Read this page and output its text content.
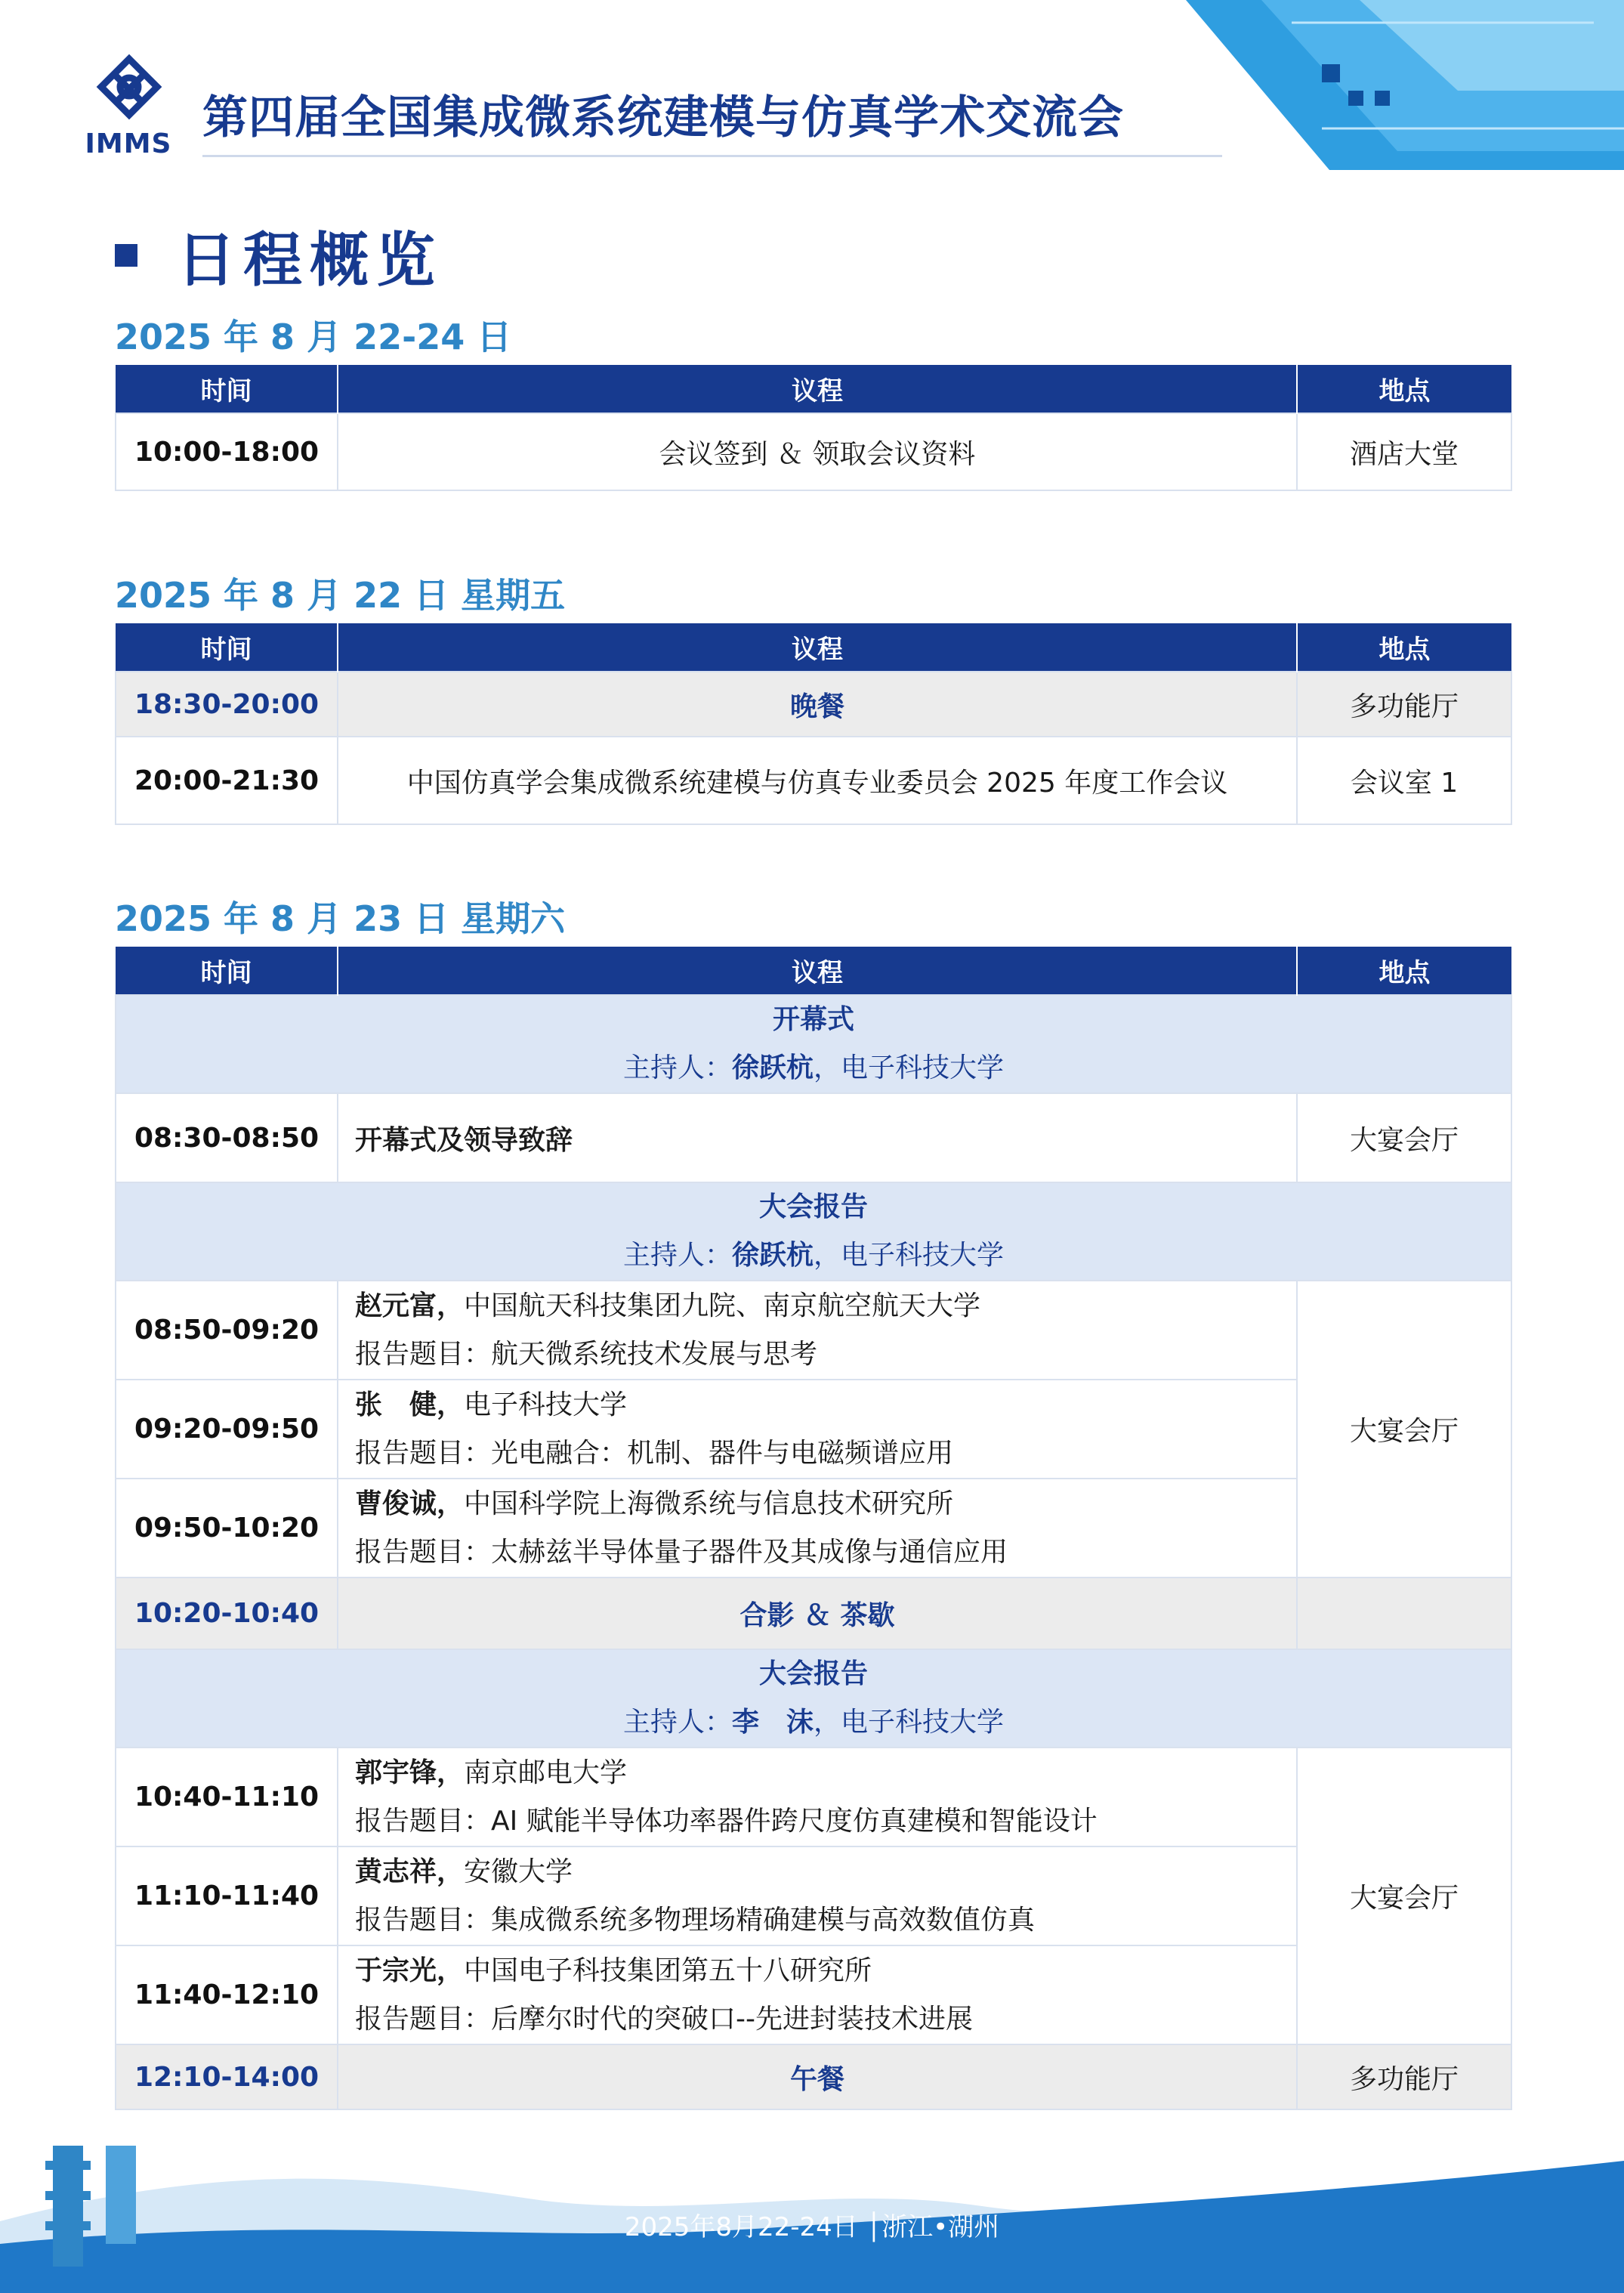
IMMS 第四届全国集成微系统建模与仿真学术交流会
日程概览
2025 年 8 月 22-24 日
时间	议程	地点
10:00-18:00	会议签到 ＆ 领取会议资料	酒店大堂
2025 年 8 月 22 日 星期五
时间	议程	地点
18:30-20:00	晚餐	多功能厅
20:00-21:30	中国仿真学会集成微系统建模与仿真专业委员会 2025 年度工作会议	会议室 1
2025 年 8 月 23 日 星期六
时间	议程	地点

开幕式
主持人：徐跃杭，电子科技大学		

08:30-08:50	开幕式及领导致辞	大宴会厅

大会报告
主持人：徐跃杭，电子科技大学		

08:50-09:20	赵元富，中国航天科技集团九院、南京航空航天大学
报告题目：航天微系统技术发展与思考	大宴会厅
09:20-09:50	张　健，电子科技大学
报告题目：光电融合：机制、器件与电磁频谱应用	

09:50-10:20	曹俊诚，中国科学院上海微系统与信息技术研究所
报告题目：太赫兹半导体量子器件及其成像与通信应用	

10:20-10:40	合影 ＆ 茶歇	

大会报告
主持人：李　沫，电子科技大学		

10:40-11:10	郭宇锋，南京邮电大学
报告题目：AI 赋能半导体功率器件跨尺度仿真建模和智能设计	大宴会厅
11:10-11:40	黄志祥，安徽大学
报告题目：集成微系统多物理场精确建模与高效数值仿真	

11:40-12:10	于宗光，中国电子科技集团第五十八研究所
报告题目：后摩尔时代的突破口--先进封装技术进展	

12:10-14:00	午餐	多功能厅
2025年8月22-24日 │浙江•湖州
